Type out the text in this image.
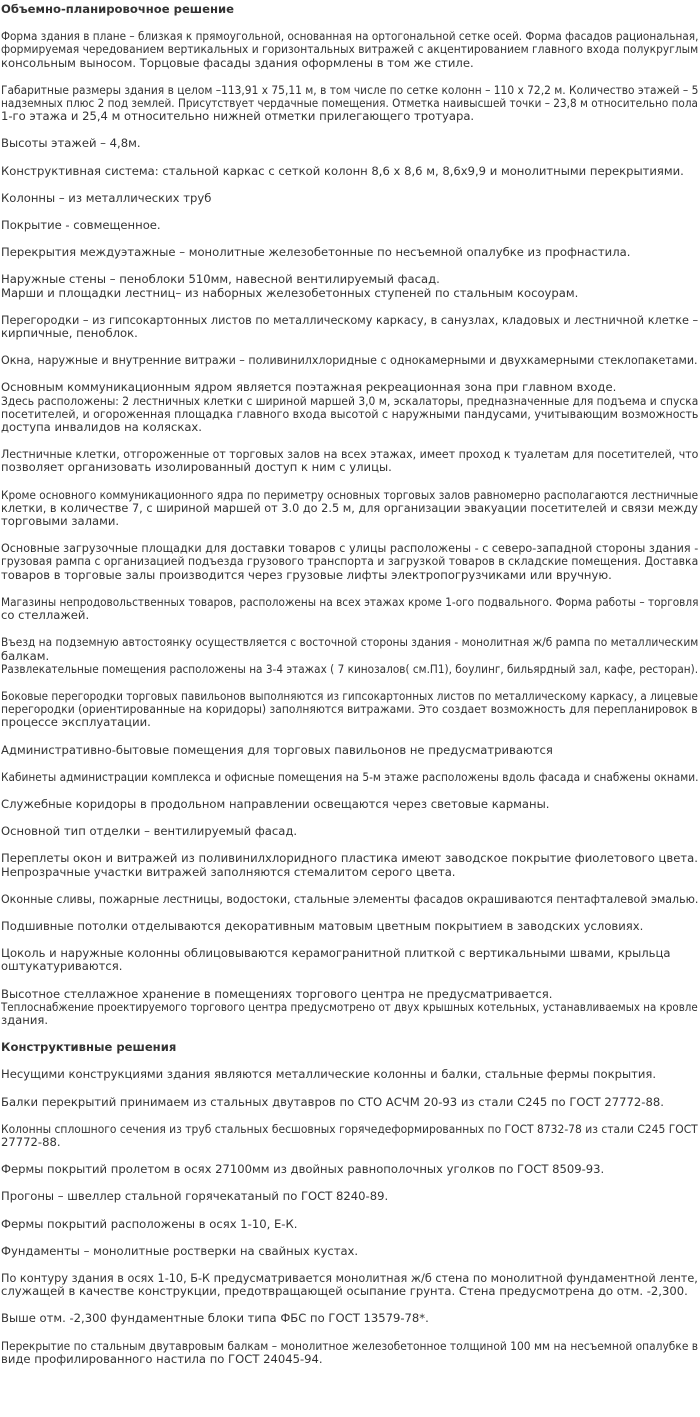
Объемно-планировочное решение
Форма здания в плане – близкая к прямоугольной, основанная на ортогональной сетке осей. Форма фасадов рациональная,формируемая чередованием вертикальных и горизонтальных витражей с акцентированием главного входа полукруглым
консольным выносом. Торцовые фасады здания оформлены в том же стиле.
Габаритные размеры здания в целом –113,91 х 75,11 м, в том числе по сетке колонн – 110 х 72,2 м. Количество этажей – 5надземных плюс 2 под землей. Присутствует чердачные помещения. Отметка наивысшей точки – 23,8 м относительно пола
1-го этажа и 25,4 м относительно нижней отметки прилегающего тротуара.
Высоты этажей – 4,8м.
Конструктивная система: стальной каркас с сеткой колонн 8,6 х 8,6 м, 8,6х9,9 и монолитными перекрытиями.
Колонны – из металлических труб
Покрытие - совмещенное.
Перекрытия междуэтажные – монолитные железобетонные по несъемной опалубке из профнастила.
Наружные стены – пеноблоки 510мм, навесной вентилируемый фасад.
Марши и площадки лестниц– из наборных железобетонных ступеней по стальным косоурам.
Перегородки – из гипсокартонных листов по металлическому каркасу, в санузлах, кладовых и лестничной клетке –
кирпичные, пеноблок.
Окна, наружные и внутренние витражи – поливинилхлоридные с однокамерными и двухкамерными стеклопакетами.
Основным коммуникационным ядром является поэтажная рекреационная зона при главном входе.
Здесь расположены: 2 лестничных клетки с шириной маршей 3,0 м, эскалаторы, предназначенные для подъема и спускапосетителей, и огороженная площадка главного входа высотой с наружными пандусами, учитывающим возможность
доступа инвалидов на колясках.
Лестничные клетки, отгороженные от торговых залов на всех этажах, имеет проход к туалетам для посетителей, что
позволяет организовать изолированный доступ к ним с улицы.
Кроме основного коммуникационного ядра по периметру основных торговых залов равномерно располагаются лестничныеклетки, в количестве 7, с шириной маршей от 3.0 до 2.5 м, для организации эвакуации посетителей и связи между
торговыми залами.
Основные загрузочные площадки для доставки товаров с улицы расположены - с северо-западной стороны здания -грузовая рампа с организацией подъезда грузового транспорта и загрузкой товаров в складские помещения. Доставка
товаров в торговые залы производится через грузовые лифты электропогрузчиками или вручную.
Магазины непродовольственных товаров, расположены на всех этажах кроме 1-ого подвального. Форма работы – торговля
со стеллажей.
Въезд на подземную автостоянку осуществляется с восточной стороны здания - монолитная ж/б рампа по металлическим
балкам.
Развлекательные помещения расположены на 3-4 этажах ( 7 кинозалов( см.П1), боулинг, бильярдный зал, кафе, ресторан).
Боковые перегородки торговых павильонов выполняются из гипсокартонных листов по металлическому каркасу, а лицевыеперегородки (ориентированные на коридоры) заполняются витражами. Это создает возможность для перепланировок в
процессе эксплуатации.
Административно-бытовые помещения для торговых павильонов не предусматриваются
Кабинеты администрации комплекса и офисные помещения на 5-м этаже расположены вдоль фасада и снабжены окнами.
Служебные коридоры в продольном направлении освещаются через световые карманы.
Основной тип отделки – вентилируемый фасад.
Переплеты окон и витражей из поливинилхлоридного пластика имеют заводское покрытие фиолетового цвета.
Непрозрачные участки витражей заполняются стемалитом серого цвета.
Оконные сливы, пожарные лестницы, водостоки, стальные элементы фасадов окрашиваются пентафталевой эмалью.
Подшивные потолки отделываются декоративным матовым цветным покрытием в заводских условиях.
Цоколь и наружные колонны облицовываются керамогранитной плиткой с вертикальными швами, крыльца
оштукатуриваются.
Высотное стеллажное хранение в помещениях торгового центра не предусматривается.
Теплоснабжение проектируемого торгового центра предусмотрено от двух крышных котельных, устанавливаемых на кровле
здания.
Конструктивные решения
Несущими конструкциями здания являются металлические колонны и балки, стальные фермы покрытия.
Балки перекрытий принимаем из стальных двутавров по СТО АСЧМ 20-93 из стали С245 по ГОСТ 27772-88.
Колонны сплошного сечения из труб стальных бесшовных горячедеформированных по ГОСТ 8732-78 из стали С245 ГОСТ
27772-88.
Фермы покрытий пролетом в осях 27100мм из двойных равнополочных уголков по ГОСТ 8509-93.
Прогоны – швеллер стальной горячекатаный по ГОСТ 8240-89.
Фермы покрытий расположены в осях 1-10, Е-К.
Фундаменты – монолитные ростверки на свайных кустах.
По контуру здания в осях 1-10, Б-К предусматривается монолитная ж/б стена по монолитной фундаментной ленте,
служащей в качестве конструкции, предотвращающей осыпание грунта. Стена предусмотрена до отм. -2,300.
Выше отм. -2,300 фундаментные блоки типа ФБС по ГОСТ 13579-78*.
Перекрытие по стальным двутавровым балкам – монолитное железобетонное толщиной 100 мм на несъемной опалубке в
виде профилированного настила по ГОСТ 24045-94.
